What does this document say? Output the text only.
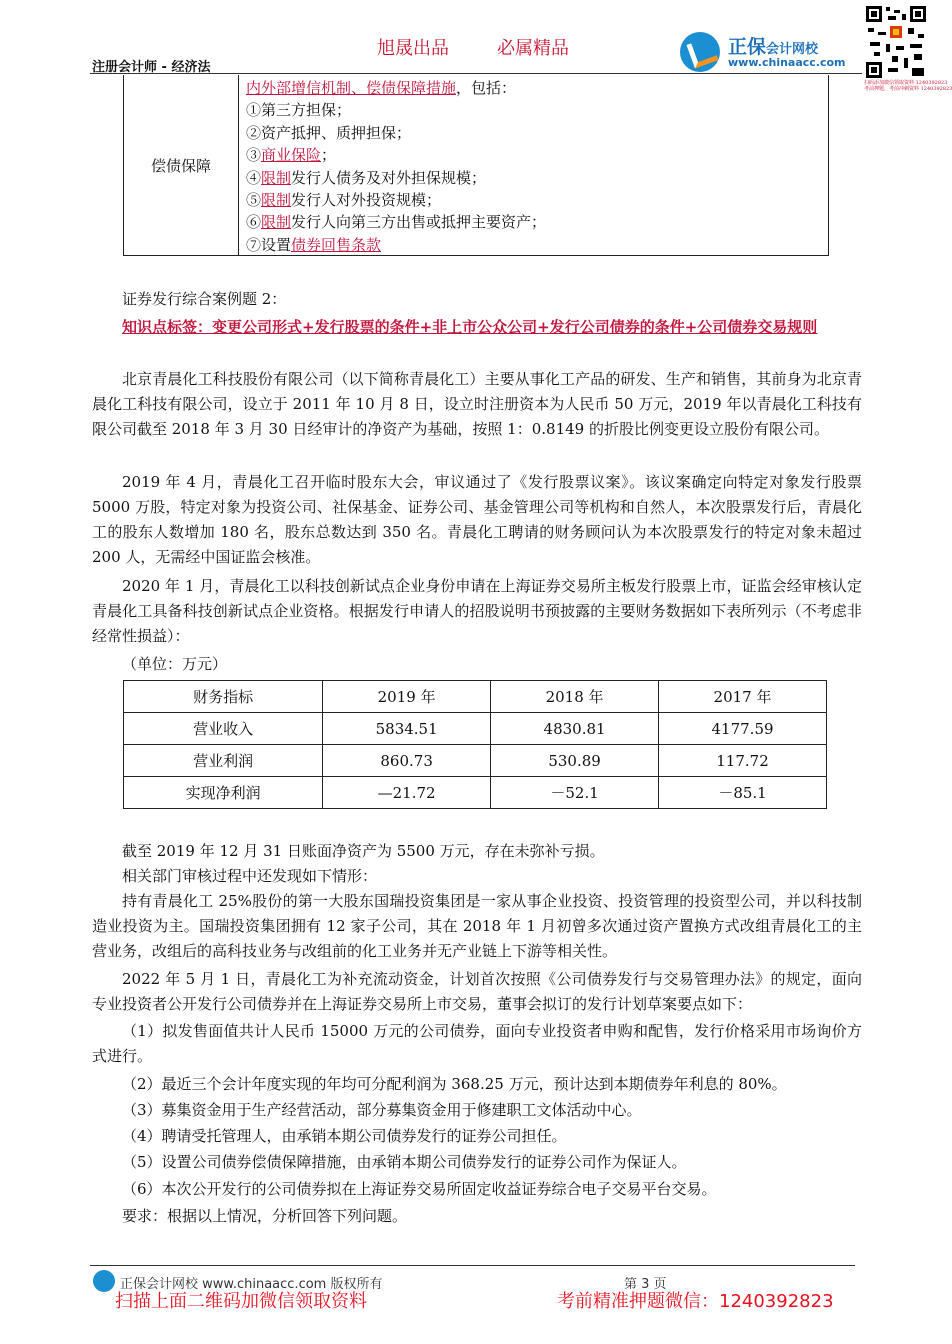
旭晟出品	必属精品
注册会计师 - 经济法
正保会计网校
www.chinaacc.com
扫码添加微信领取资料 1240392823
考前押题，考前冲刺资料 1240392823
偿债保障
内外部增信机制、偿债保障措施，包括：
①第三方担保；
②资产抵押、质押担保；
③商业保险；
④限制发行人债务及对外担保规模；
⑤限制发行人对外投资规模；
⑥限制发行人向第三方出售或抵押主要资产；
⑦设置债券回售条款
证券发行综合案例题 2：
知识点标签：变更公司形式+发行股票的条件+非上市公众公司+发行公司债券的条件+公司债券交易规则
北京青晨化工科技股份有限公司（以下简称青晨化工）主要从事化工产品的研发、生产和销售，其前身为北京青晨化工科技有限公司，设立于 2011 年 10 月 8 日，设立时注册资本为人民币 50 万元，2019 年以青晨化工科技有限公司截至 2018 年 3 月 30 日经审计的净资产为基础，按照 1：0.8149 的折股比例变更设立股份有限公司。
2019 年 4 月，青晨化工召开临时股东大会，审议通过了《发行股票议案》。该议案确定向特定对象发行股票 5000 万股，特定对象为投资公司、社保基金、证券公司、基金管理公司等机构和自然人，本次股票发行后，青晨化工的股东人数增加 180 名，股东总数达到 350 名。青晨化工聘请的财务顾问认为本次股票发行的特定对象未超过 200 人，无需经中国证监会核准。
2020 年 1 月，青晨化工以科技创新试点企业身份申请在上海证券交易所主板发行股票上市，证监会经审核认定青晨化工具备科技创新试点企业资格。根据发行申请人的招股说明书预披露的主要财务数据如下表所列示（不考虑非经常性损益）：
（单位：万元）
财务指标	2019 年	2018 年	2017 年
营业收入	5834.51	4830.81	4177.59
营业利润	860.73	530.89	117.72
实现净利润	—21.72	－52.1	－85.1
截至 2019 年 12 月 31 日账面净资产为 5500 万元，存在未弥补亏损。
相关部门审核过程中还发现如下情形：
持有青晨化工 25%股份的第一大股东国瑞投资集团是一家从事企业投资、投资管理的投资型公司，并以科技制造业投资为主。国瑞投资集团拥有 12 家子公司，其在 2018 年 1 月初曾多次通过资产置换方式改组青晨化工的主营业务，改组后的高科技业务与改组前的化工业务并无产业链上下游等相关性。
2022 年 5 月 1 日，青晨化工为补充流动资金，计划首次按照《公司债券发行与交易管理办法》的规定，面向专业投资者公开发行公司债券并在上海证券交易所上市交易，董事会拟订的发行计划草案要点如下：
（1）拟发售面值共计人民币 15000 万元的公司债券，面向专业投资者申购和配售，发行价格采用市场询价方式进行。
（2）最近三个会计年度实现的年均可分配利润为 368.25 万元，预计达到本期债券年利息的 80%。
（3）募集资金用于生产经营活动，部分募集资金用于修建职工文体活动中心。
（4）聘请受托管理人，由承销本期公司债券发行的证券公司担任。
（5）设置公司债券偿债保障措施，由承销本期公司债券发行的证券公司作为保证人。
（6）本次公开发行的公司债券拟在上海证券交易所固定收益证券综合电子交易平台交易。
要求：根据以上情况，分析回答下列问题。
正保会计网校 www.chinaacc.com 版权所有	第 3 页
扫描上面二维码加微信领取资料	考前精准押题微信：1240392823
